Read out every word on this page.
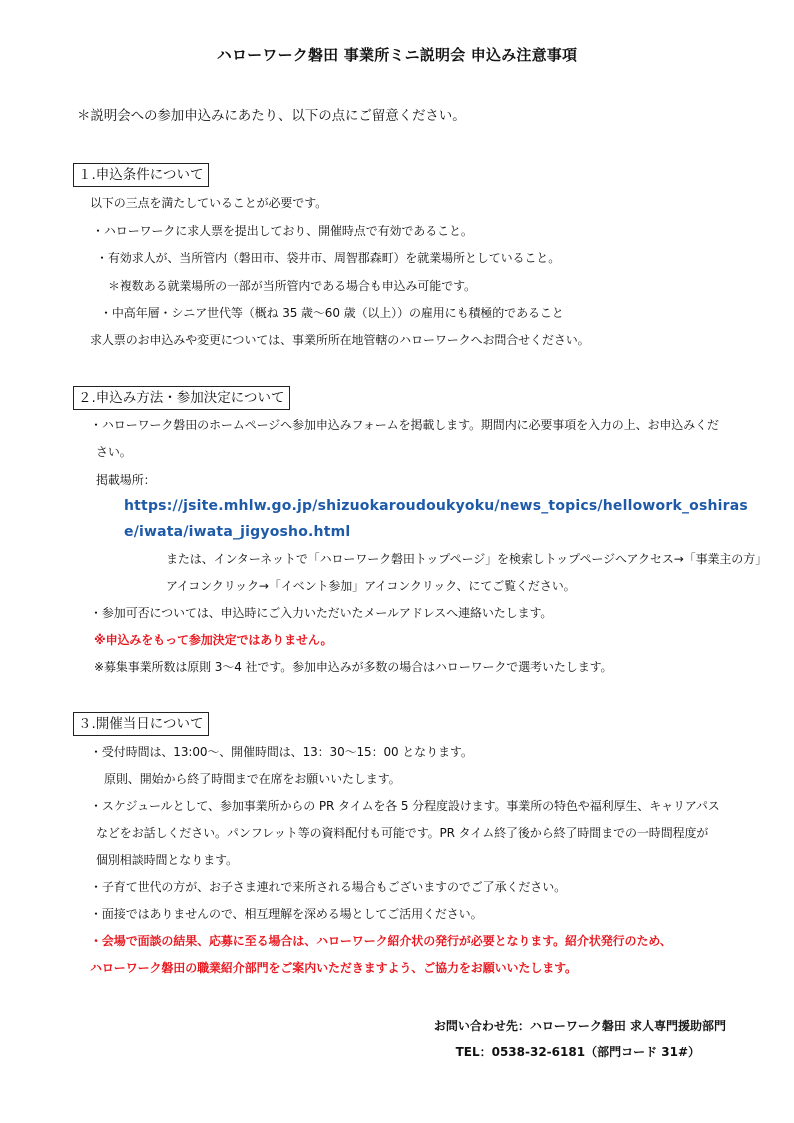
ハローワーク磐田 事業所ミニ説明会 申込み注意事項
＊説明会への参加申込みにあたり、以下の点にご留意ください。
１.申込条件について
以下の三点を満たしていることが必要です。
・ハローワークに求人票を提出しており、開催時点で有効であること。
・有効求人が、当所管内（磐田市、袋井市、周智郡森町）を就業場所としていること。
＊複数ある就業場所の一部が当所管内である場合も申込み可能です。
・中高年層・シニア世代等（概ね 35 歳～60 歳（以上））の雇用にも積極的であること
求人票のお申込みや変更については、事業所所在地管轄のハローワークへお問合せください。
２.申込み方法・参加決定について
・ハローワーク磐田のホームページへ参加申込みフォームを掲載します。期間内に必要事項を入力の上、お申込みくだ
さい。
掲載場所：
https://jsite.mhlw.go.jp/shizuokaroudoukyoku/news_topics/hellowork_oshiras
e/iwata/iwata_jigyosho.html
または、インターネットで「ハローワーク磐田トップページ」を検索しトップページへアクセス→「事業主の方」
アイコンクリック→「イベント参加」アイコンクリック、にてご覧ください。
・参加可否については、申込時にご入力いただいたメールアドレスへ連絡いたします。
※申込みをもって参加決定ではありません。
※募集事業所数は原則 3～4 社です。参加申込みが多数の場合はハローワークで選考いたします。
３.開催当日について
・受付時間は、13:00～、開催時間は、13：30～15：00 となります。
原則、開始から終了時間まで在席をお願いいたします。
・スケジュールとして、参加事業所からの PR タイムを各 5 分程度設けます。事業所の特色や福利厚生、キャリアパス
などをお話しください。パンフレット等の資料配付も可能です。PR タイム終了後から終了時間までの一時間程度が
個別相談時間となります。
・子育て世代の方が、お子さま連れで来所される場合もございますのでご了承ください。
・面接ではありませんので、相互理解を深める場としてご活用ください。
・会場で面談の結果、応募に至る場合は、ハローワーク紹介状の発行が必要となります。紹介状発行のため、
ハローワーク磐田の職業紹介部門をご案内いただきますよう、ご協力をお願いいたします。
お問い合わせ先：ハローワーク磐田 求人専門援助部門
TEL：0538-32-6181（部門コード 31#）
